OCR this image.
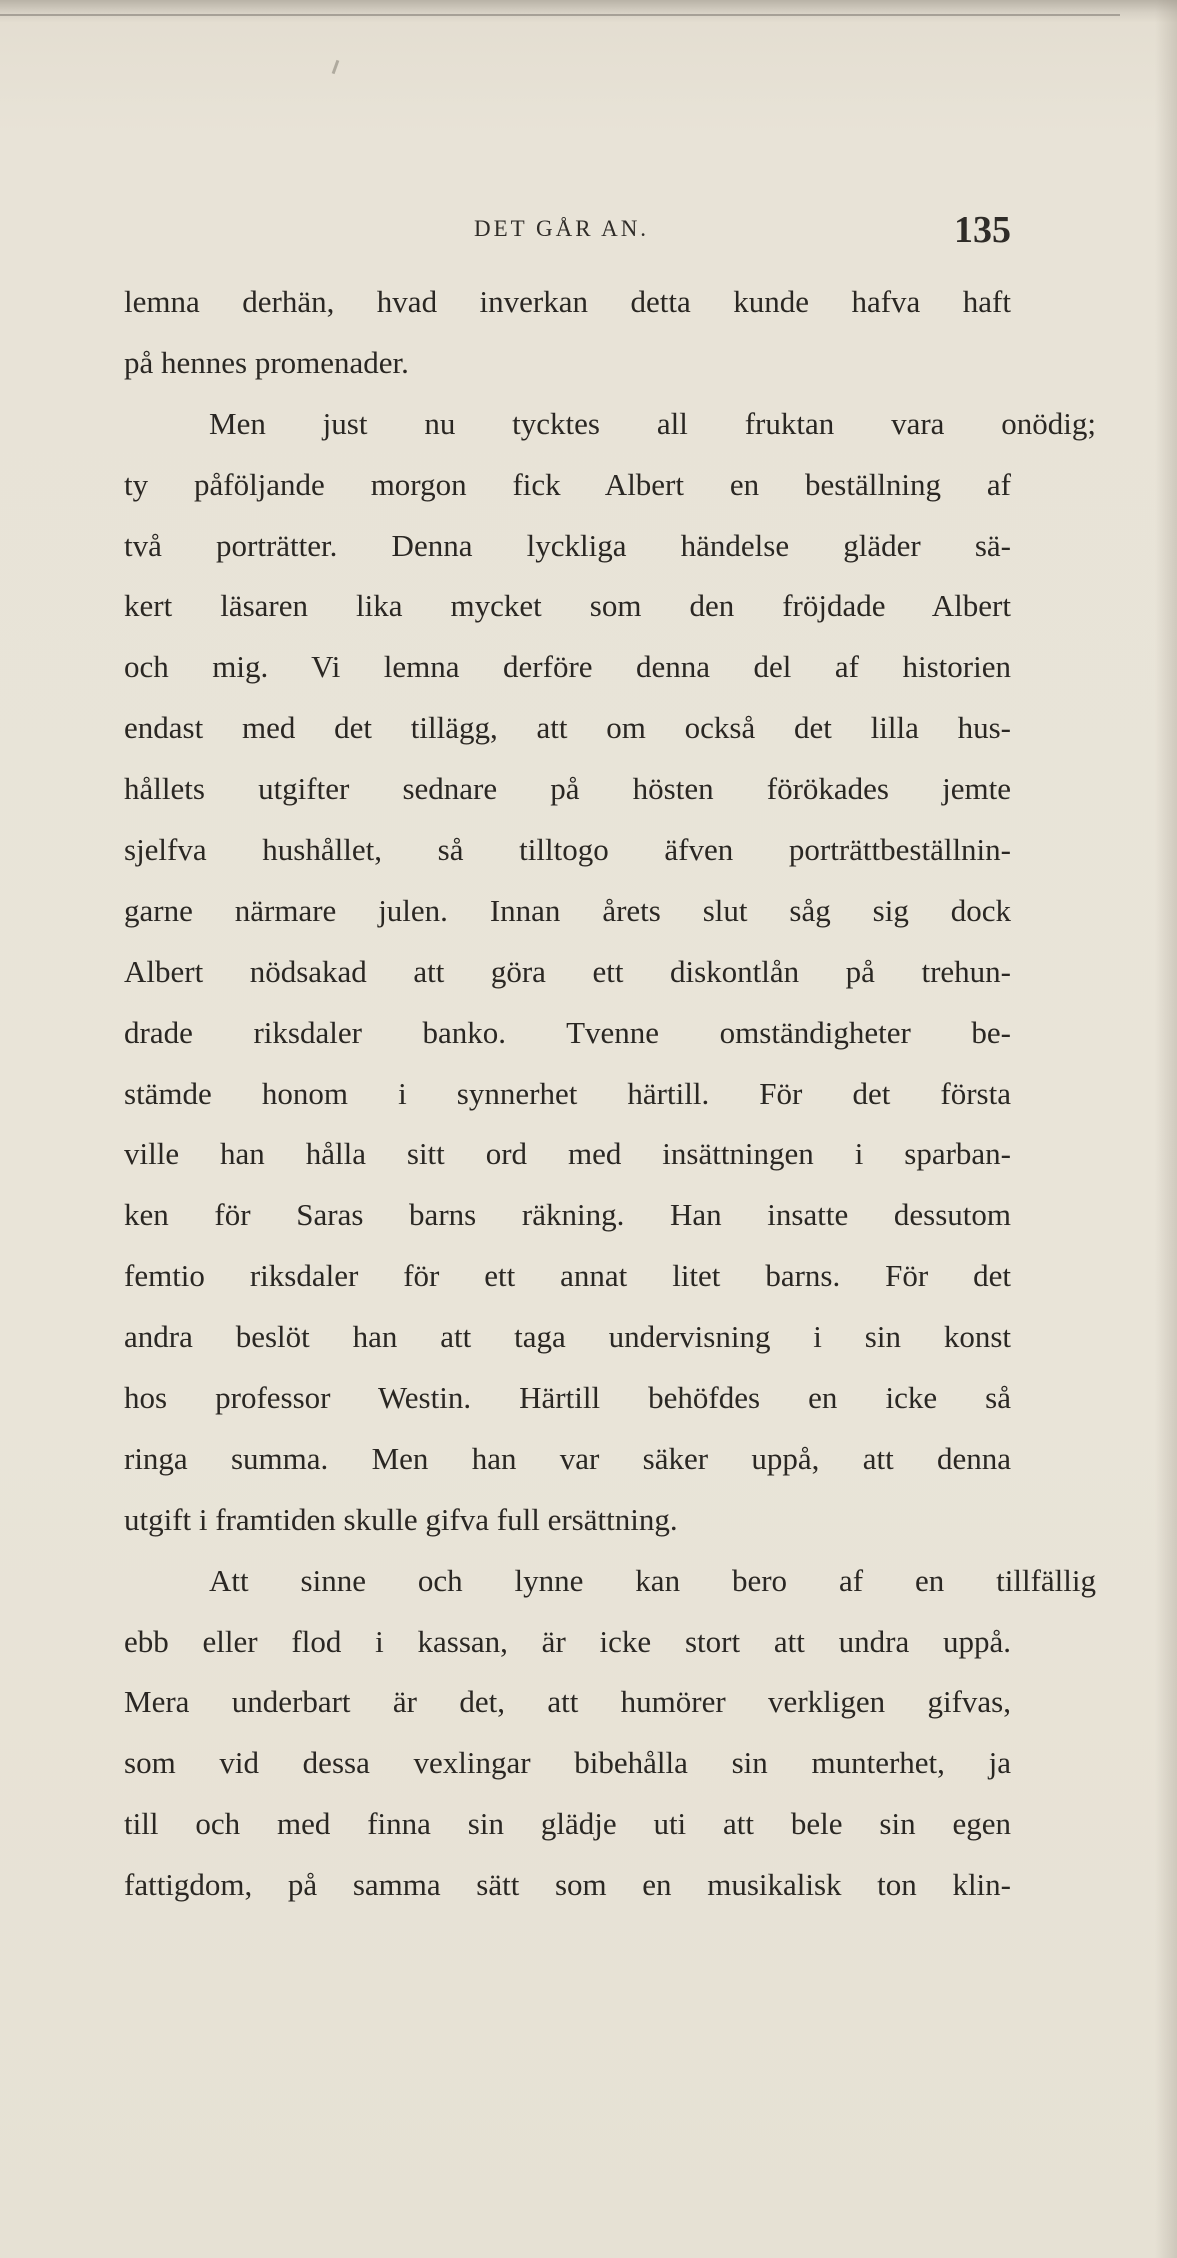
DET GÅR AN.	135
lemna derhän, hvad inverkan detta kunde hafva haft
på hennes promenader.
Men just nu tycktes all fruktan vara onödig;
ty påföljande morgon fick Albert en beställning af
två porträtter. Denna lyckliga händelse gläder sä-
kert läsaren lika mycket som den fröjdade Albert
och mig. Vi lemna derföre denna del af historien
endast med det tillägg, att om också det lilla hus-
hållets utgifter sednare på hösten förökades jemte
sjelfva hushållet, så tilltogo äfven porträttbeställnin-
garne närmare julen. Innan årets slut såg sig dock
Albert nödsakad att göra ett diskontlån på trehun-
drade riksdaler banko. Tvenne omständigheter be-
stämde honom i synnerhet härtill. För det första
ville han hålla sitt ord med insättningen i sparban-
ken för Saras barns räkning. Han insatte dessutom
femtio riksdaler för ett annat litet barns. För det
andra beslöt han att taga undervisning i sin konst
hos professor Westin. Härtill behöfdes en icke så
ringa summa. Men han var säker uppå, att denna
utgift i framtiden skulle gifva full ersättning.
Att sinne och lynne kan bero af en tillfällig
ebb eller flod i kassan, är icke stort att undra uppå.
Mera underbart är det, att humörer verkligen gifvas,
som vid dessa vexlingar bibehålla sin munterhet, ja
till och med finna sin glädje uti att bele sin egen
fattigdom, på samma sätt som en musikalisk ton klin-
